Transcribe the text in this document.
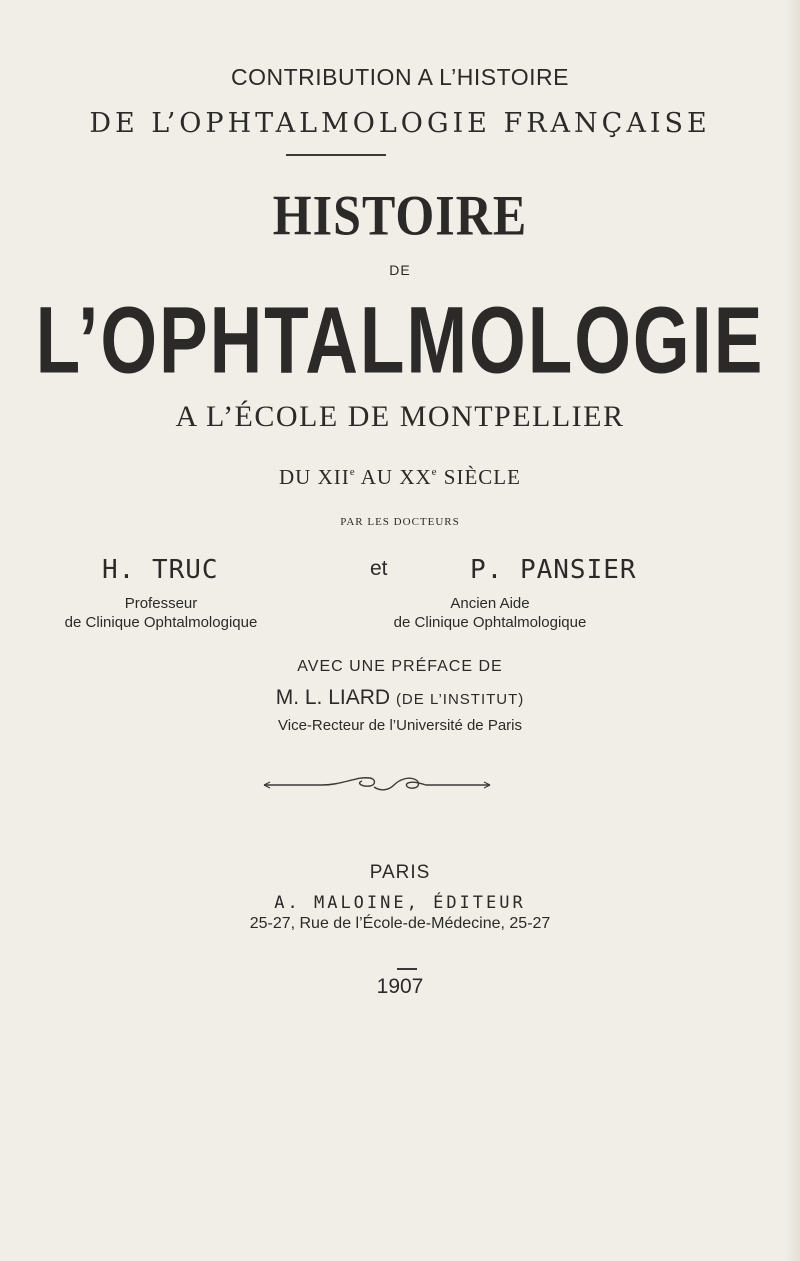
CONTRIBUTION A L’HISTOIRE
DE L’OPHTALMOLOGIE FRANÇAISE
HISTOIRE
DE
L’OPHTALMOLOGIE
A L’ÉCOLE DE MONTPELLIER
DU XIIe AU XXe SIÈCLE
PAR LES DOCTEURS
H. TRUC	et	P. PANSIER
Professeur
de Clinique Ophtalmologique
Ancien Aide
de Clinique Ophtalmologique
AVEC UNE PRÉFACE DE
M. L. LIARD (DE L’INSTITUT)
Vice-Recteur de l’Université de Paris
PARIS
A. MALOINE, ÉDITEUR
25-27, Rue de l’École-de-Médecine, 25-27
1907
